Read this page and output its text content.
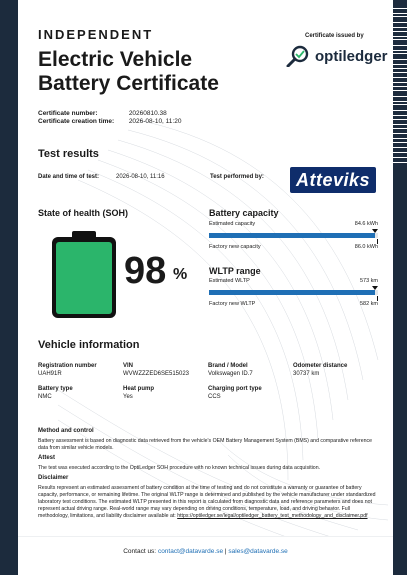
INDEPENDENT
Electric Vehicle
Battery Certificate
Certificate issued by
optiledger
Certificate number:	20260810.38
Certificate creation time: 2026-08-10, 11:20
Test results
Date and time of test:	2026-08-10, 11:16	Test performed by:	Atteviks
State of health (SOH)
98 %
Battery capacity
Estimated capacity	84.6 kWh
Factory new capacity	86.0 kWh
WLTP range
Estimated WLTP	573 km
Factory new WLTP	582 km
Vehicle information
Registration number
UAH91R
VIN
WVWZZZED6SE515023
Brand / Model
Volkswagen ID.7
Odometer distance
30737 km
Battery type
NMC
Heat pump
Yes
Charging port type
CCS
Method and control
Battery assessment is based on diagnostic data retrieved from the vehicle's OEM Battery Management System (BMS) and comparative reference data from similar vehicle models.
Attest
The test was executed according to the OptiLedger SOH procedure with no known technical issues during data acquisition.
Disclaimer
Results represent an estimated assessment of battery condition at the time of testing and do not constitute a warranty or guarantee of battery capacity, performance, or remaining lifetime. The original WLTP range is determined and published by the vehicle manufacturer under standardized laboratory test conditions. The estimated WLTP presented in this report is calculated from diagnostic data and reference parameters and does not represent actual driving range. Real-world range may vary depending on driving conditions, temperature, load, and driving behavior. Full methodology, limitations, and liability disclaimer available at: https://optiledger.se/legal/optiledger_battery_test_methodology_and_disclaimer.pdf
Contact us: contact@datavarde.se | sales@datavarde.se
